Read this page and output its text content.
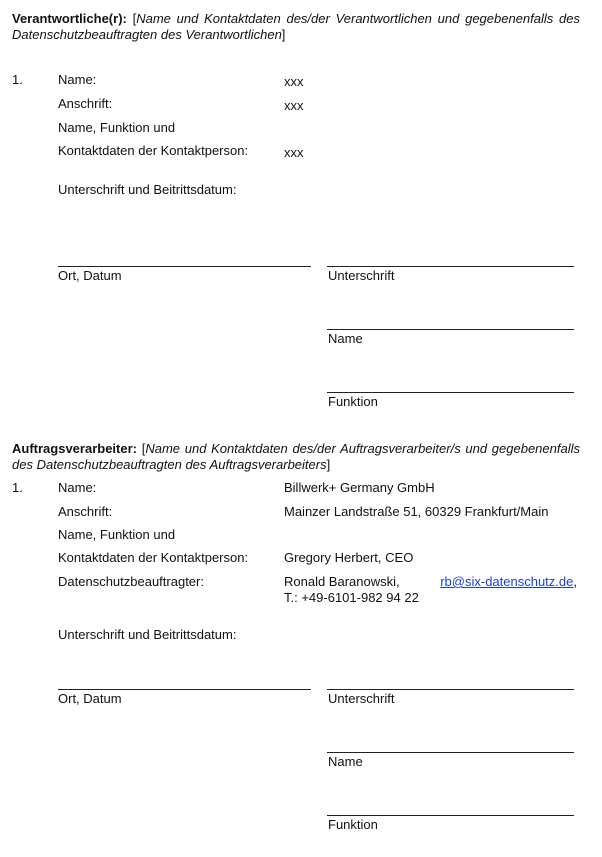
Verantwortliche(r): [Name und Kontaktdaten des/der Verantwortlichen und gegebenenfalls des Datenschutzbeauftragten des Verantwortlichen]
1.	Name:	xxx
Anschrift:	xxx
Name, Funktion und
Kontaktdaten der Kontaktperson:	xxx
Unterschrift und Beitrittsdatum:
Ort, Datum	Unterschrift
Name
Funktion
Auftragsverarbeiter: [Name und Kontaktdaten des/der Auftragsverarbeiter/s und gegebenenfalls des Datenschutzbeauftragten des Auftragsverarbeiters]
1.	Name:	Billwerk+ Germany GmbH
Anschrift:	Mainzer Landstraße 51, 60329 Frankfurt/Main
Name, Funktion und
Kontaktdaten der Kontaktperson:	Gregory Herbert, CEO
Datenschutzbeauftragter:	Ronald Baranowski,	rb@six-datenschutz.de,
T.: +49-6101-982 94 22
Unterschrift und Beitrittsdatum:
Ort, Datum	Unterschrift
Name
Funktion
